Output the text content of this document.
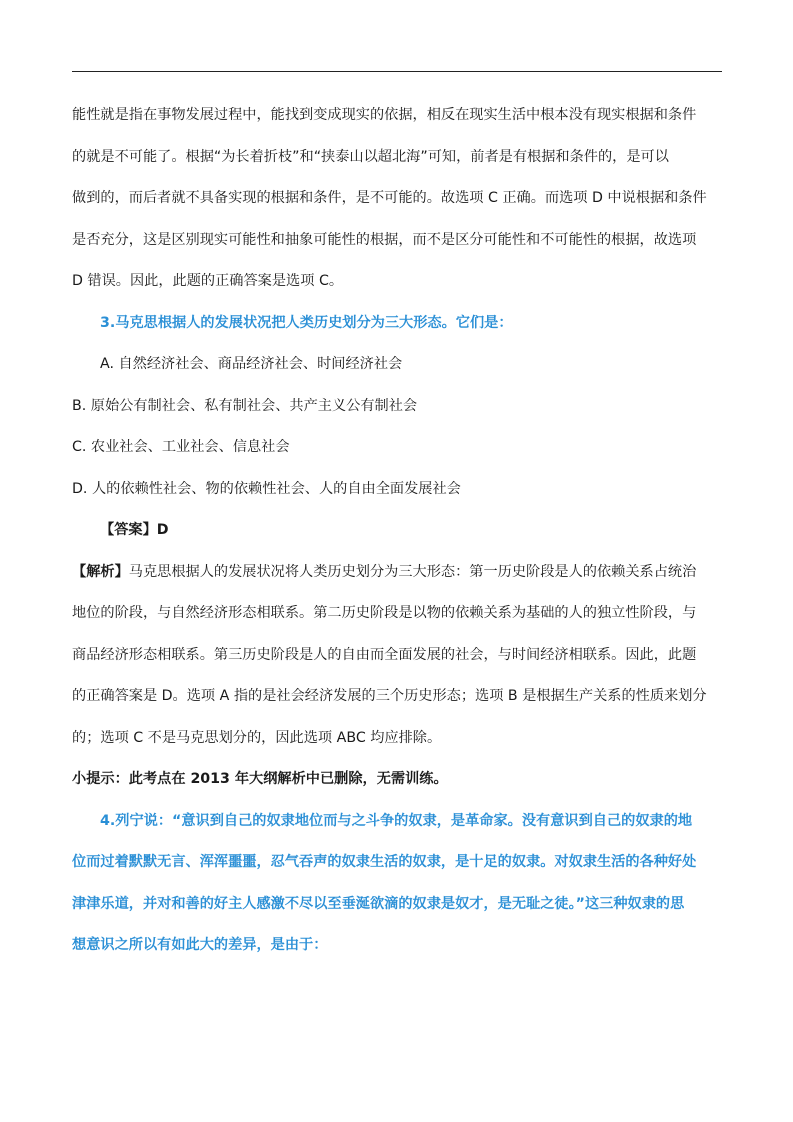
能性就是指在事物发展过程中，能找到变成现实的依据，相反在现实生活中根本没有现实根据和条件
的就是不可能了。根据“为长着折枝”和“挟泰山以超北海”可知，前者是有根据和条件的，是可以
做到的，而后者就不具备实现的根据和条件，是不可能的。故选项 C 正确。而选项 D 中说根据和条件
是否充分，这是区别现实可能性和抽象可能性的根据，而不是区分可能性和不可能性的根据，故选项
D 错误。因此，此题的正确答案是选项 C。
3.马克思根据人的发展状况把人类历史划分为三大形态。它们是：
A. 自然经济社会、商品经济社会、时间经济社会
B. 原始公有制社会、私有制社会、共产主义公有制社会
C. 农业社会、工业社会、信息社会
D. 人的依赖性社会、物的依赖性社会、人的自由全面发展社会
【答案】D
【解析】马克思根据人的发展状况将人类历史划分为三大形态：第一历史阶段是人的依赖关系占统治
地位的阶段，与自然经济形态相联系。第二历史阶段是以物的依赖关系为基础的人的独立性阶段，与
商品经济形态相联系。第三历史阶段是人的自由而全面发展的社会，与时间经济相联系。因此，此题
的正确答案是 D。选项 A 指的是社会经济发展的三个历史形态；选项 B 是根据生产关系的性质来划分
的；选项 C 不是马克思划分的，因此选项 ABC 均应排除。
小提示：此考点在 2013 年大纲解析中已删除，无需训练。
4.列宁说：“意识到自己的奴隶地位而与之斗争的奴隶，是革命家。没有意识到自己的奴隶的地
位而过着默默无言、浑浑噩噩，忍气吞声的奴隶生活的奴隶，是十足的奴隶。对奴隶生活的各种好处
津津乐道，并对和善的好主人感激不尽以至垂涎欲滴的奴隶是奴才，是无耻之徒。”这三种奴隶的思
想意识之所以有如此大的差异，是由于：
